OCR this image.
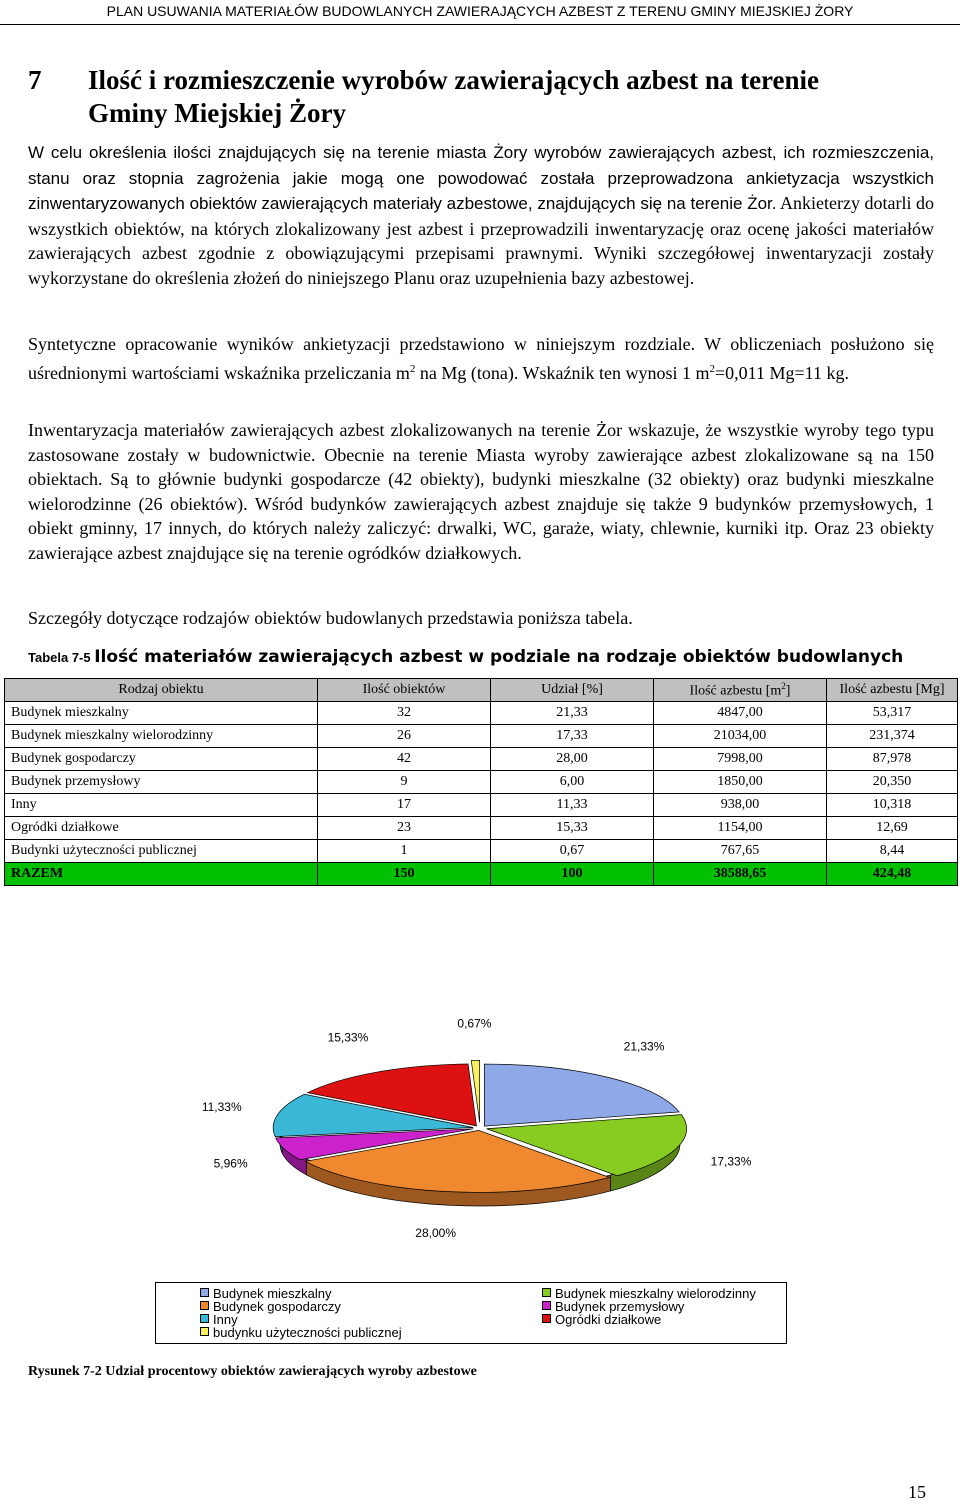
PLAN USUWANIA MATERIAŁÓW BUDOWLANYCH ZAWIERAJĄCYCH AZBEST Z TERENU GMINY MIEJSKIEJ ŻORY
7 Ilość i rozmieszczenie wyrobów zawierających azbest na terenie
Gminy Miejskiej Żory
W celu określenia ilości znajdujących się na terenie miasta Żory wyrobów zawierających azbest, ich rozmieszczenia, stanu oraz stopnia zagrożenia jakie mogą one powodować została przeprowadzona ankietyzacja wszystkich zinwentaryzowanych obiektów zawierających materiały azbestowe, znajdujących się na terenie Żor. Ankieterzy dotarli do wszystkich obiektów, na których zlokalizowany jest azbest i przeprowadzili inwentaryzację oraz ocenę jakości materiałów zawierających azbest zgodnie z obowiązującymi przepisami prawnymi. Wyniki szczegółowej inwentaryzacji zostały wykorzystane do określenia złożeń do niniejszego Planu oraz uzupełnienia bazy azbestowej.
Syntetyczne opracowanie wyników ankietyzacji przedstawiono w niniejszym rozdziale. W obliczeniach posłużono się uśrednionymi wartościami wskaźnika przeliczania $m^2$ na Mg (tona). Wskaźnik ten wynosi 1 $m^2=0,011$ Mg=11 kg.
Inwentaryzacja materiałów zawierających azbest zlokalizowanych na terenie Żor wskazuje, że wszystkie wyroby tego typu zastosowane zostały w budownictwie. Obecnie na terenie Miasta wyroby zawierające azbest zlokalizowane są na 150 obiektach. Są to głównie budynki gospodarcze (42 obiekty), budynki mieszkalne (32 obiekty) oraz budynki mieszkalne wielorodzinne (26 obiektów). Wśród budynków zawierających azbest znajduje się także 9 budynków przemysłowych, 1 obiekt gminny, 17 innych, do których należy zaliczyć: drwalki, WC, garaże, wiaty, chlewnie, kurniki itp. Oraz 23 obiekty zawierające azbest znajdujące się na terenie ogródków działkowych.
Szczegóły dotyczące rodzajów obiektów budowlanych przedstawia poniższa tabela.
Tabela 7-5 Ilość materiałów zawierających azbest w podziale na rodzaje obiektów budowlanych
Rodzaj obiektu	Ilość obiektów	Udział [%]	Ilość azbestu $[m^2]$	Ilość azbestu [Mg]
Budynek mieszkalny	32	21,33	4847,00	53,317
Budynek mieszkalny wielorodzinny	26	17,33	21034,00	231,374
Budynek gospodarczy	42	28,00	7998,00	87,978
Budynek przemysłowy	9	6,00	1850,00	20,350
Inny	17	11,33	938,00	10,318
Ogródki działkowe	23	15,33	1154,00	12,69
Budynki użyteczności publicznej	1	0,67	767,65	8,44
RAZEM	150	100	38588,65	424,48
21,33%
17,33%
28,00%
5,96%
11,33%
15,33%
0,67%
Budynek mieszkalny	Budynek mieszkalny wielorodzinny
Budynek gospodarczy	Budynek przemysłowy
Inny	Ogródki działkowe
budynku użyteczności publicznej
Rysunek 7-2 Udział procentowy obiektów zawierających wyroby azbestowe
15
